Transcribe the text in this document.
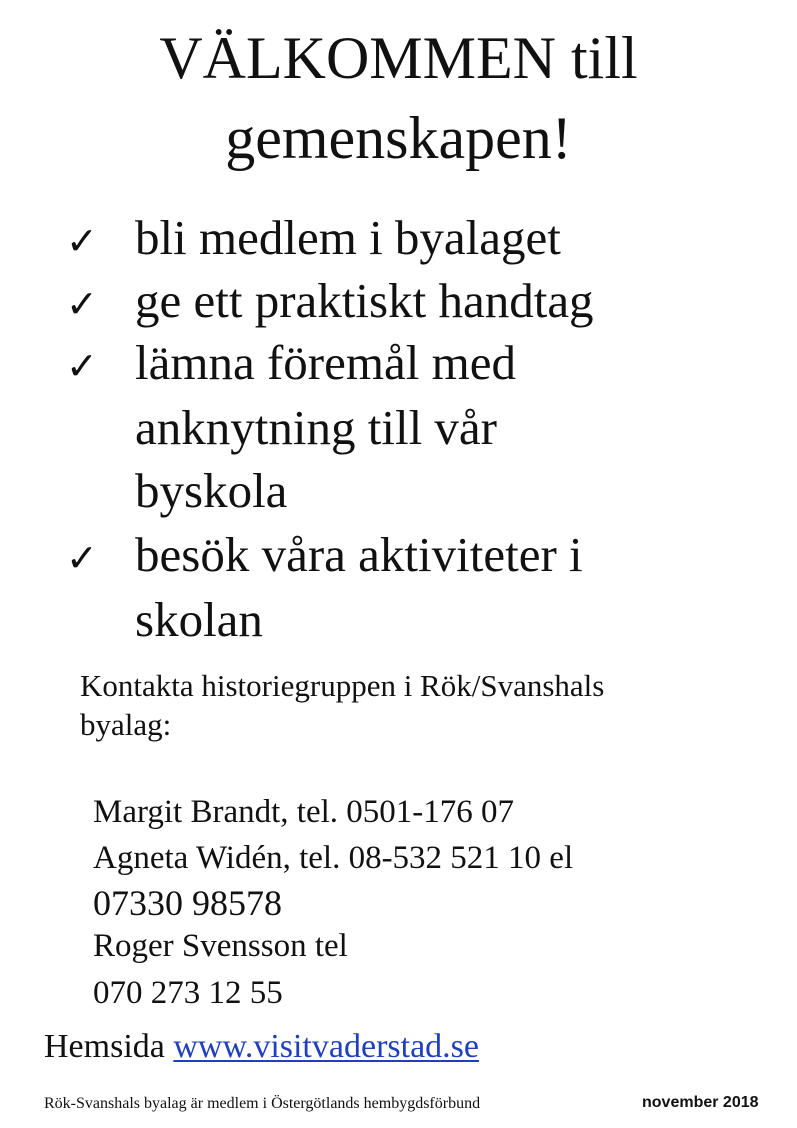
VÄLKOMMEN till
gemenskapen!
✓ bli medlem i byalaget
✓ ge ett praktiskt handtag
✓ lämna föremål med
anknytning till vår
byskola
✓ besök våra aktiviteter i
skolan
Kontakta historiegruppen i Rök/Svanshals
byalag:
Margit Brandt, tel. 0501-176 07
Agneta Widén, tel. 08-532 521 10 el
07330 98578
Roger Svensson tel
070 273 12 55
Hemsida www.visitvaderstad.se
Rök-Svanshals byalag är medlem i Östergötlands hembygdsförbund	november 2018
